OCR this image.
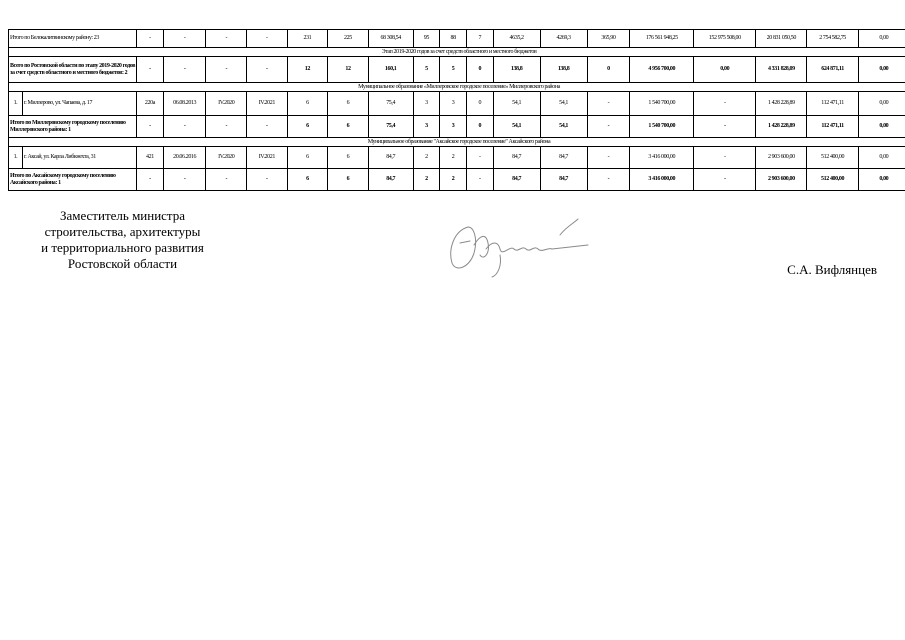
Итого по Белокалитвинскому району: 23		-	-	-	-	231	225	68 308,54	95	88	7	4635,2	4269,3	365,90	176 561 948,25	152 975 508,00	20 831 050,50	2 754 582,75	0,00
Этап 2019-2020 годов за счет средств областного и местного бюджетов																			
Всего по Ростовской области по этапу 2019-2020 годов за счет средств областного и местного бюджетов: 2		-	-	-	-	12	12	160,1	5	5	0	138,8	138,8	0	4 956 700,00	0,00	4 331 828,09	624 871,11	0,00
Муниципальное образование «Миллеровское городское поселение» Миллеровского района																			
1.	г. Миллерово, ул. Чапаева, д. 17	220а	06.08.2013	IV.2020	IV.2021	6	6	75,4	3	3	0	54,1	54,1	-	1 540 700,00	-	1 428 228,89	112 471,11	0,00
Итого по Миллеровскому городскому поселению Миллеровского района: 1		-	-	-	-	6	6	75,4	3	3	0	54,1	54,1	-	1 540 700,00	-	1 428 228,89	112 471,11	0,00
Муниципальное образование "Аксайское городское поселение" Аксайского района																			
1.	г. Аксай, ул. Карла Либкнехта, 31	421	20.06.2016	IV.2020	IV.2021	6	6	84,7	2	2	-	84,7	84,7	-	3 416 000,00	-	2 903 600,00	512 400,00	0,00
Итого по Аксайскому городскому поселению Аксайского района: 1		-	-	-	-	6	6	84,7	2	2	-	84,7	84,7	-	3 416 000,00	-	2 903 600,00	512 400,00	0,00
Заместитель министра
строительства, архитектуры
и территориального развития
Ростовской области	С.А. Вифлянцев
